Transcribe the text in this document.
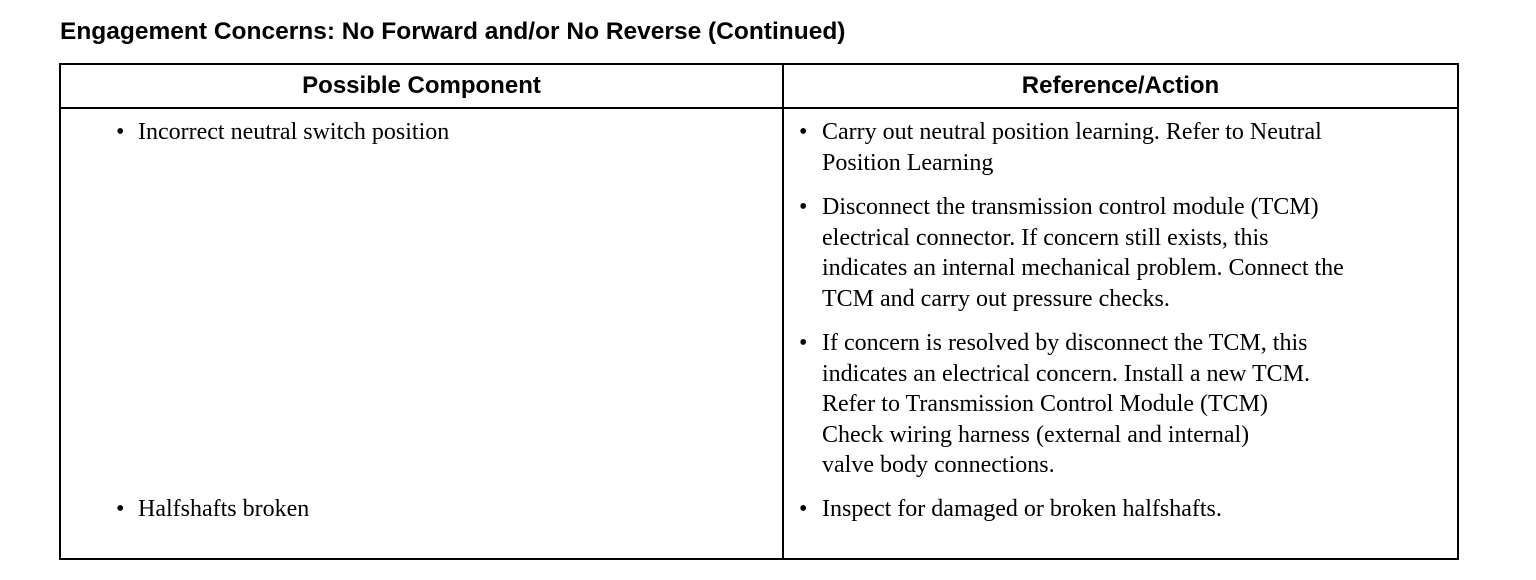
Engagement Concerns: No Forward and/or No Reverse (Continued)
Possible Component	Reference/Action
• Incorrect neutral switch position	• Carry out neutral position learning. Refer to Neutral
Position Learning
• Disconnect the transmission control module (TCM)
electrical connector. If concern still exists, this
indicates an internal mechanical problem. Connect the
TCM and carry out pressure checks.
• If concern is resolved by disconnect the TCM, this
indicates an electrical concern. Install a new TCM.
Refer to Transmission Control Module (TCM)
Check wiring harness (external and internal)
valve body connections.
• Halfshafts broken	• Inspect for damaged or broken halfshafts.
